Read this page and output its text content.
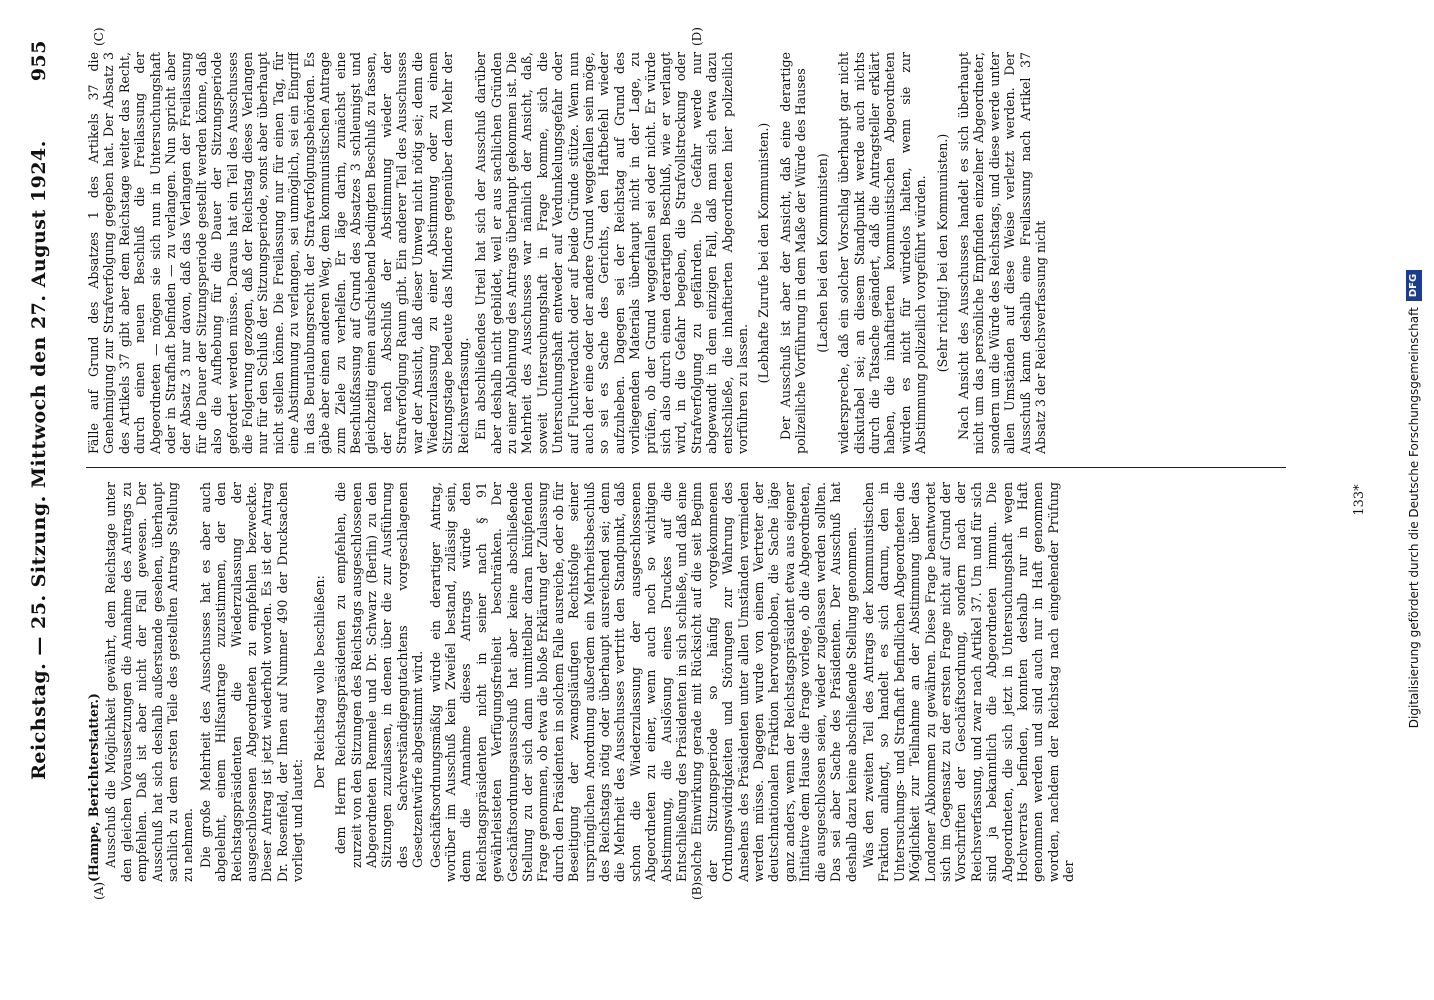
Reichstag. — 25. Sitzung. Mittwoch den 27. August 1924.
955
(A)	(B)
(C)	(D)

(Hampe, Berichterstatter.) Ausschuß die Möglichkeit gewährt, dem Reichstage unter den gleichen Voraussetzungen die Annahme des Antrags zu empfehlen. Daß ist aber nicht der Fall gewesen. Der Ausschuß hat sich deshalb außerstande gesehen, überhaupt sachlich zu dem ersten Teile des gestellten Antrags Stellung zu nehmen. Die große Mehrheit des Ausschusses hat es aber auch abgelehnt, einem Hilfsantrage zuzustimmen, der den Reichstagspräsidenten die Wiederzulassung der ausgeschlossenen Abgeordneten zu empfehlen bezweckte. Dieser Antrag ist jetzt wiederholt worden. Es ist der Antrag Dr. Rosenfeld, der Ihnen auf Nummer 490 der Drucksachen vorliegt und lautet:

Der Reichstag wolle beschließen: dem Herrn Reichstagspräsidenten zu empfehlen, die zurzeit von den Sitzungen des Reichstags ausgeschlossenen Abgeordneten Remmele und Dr. Schwarz (Berlin) zu den Sitzungen zuzulassen, in denen über die zur Ausführung des Sachverständigengutachtens vorgeschlagenen Gesetzentwürfe abgestimmt wird. Geschäftsordnungsmäßig würde ein derartiger Antrag, worüber im Ausschuß kein Zweifel bestand, zulässig sein, denn die Annahme dieses Antrags würde den Reichstagspräsidenten nicht in seiner nach § 91 gewährleisteten Verfügungsfreiheit beschränken. Der Geschäftsordnungsausschuß hat aber keine abschließende Stellung zu der sich dann unmittelbar daran knüpfenden Frage genommen, ob etwa die bloße Erklärung der Zulassung durch den Präsidenten in solchem Falle ausreiche, oder ob für Beseitigung der zwangsläufigen Rechtsfolge seiner ursprünglichen Anordnung außerdem ein Mehrheitsbeschluß des Reichstags nötig oder überhaupt ausreichend sei; denn die Mehrheit des Ausschusses vertritt den Standpunkt, daß schon die Wiederzulassung der ausgeschlossenen Abgeordneten zu einer, wenn auch noch so wichtigen Abstimmung, die Auslösung eines Druckes auf die Entschließung des Präsidenten in sich schließe, und daß eine solche Einwirkung gerade mit Rücksicht auf die seit Beginn der Sitzungsperiode so häufig vorgekommenen Ordnungswidrigkeiten und Störungen zur Wahrung des Ansehens des Präsidenten unter allen Umständen vermieden werden müsse. Dagegen wurde von einem Vertreter der deutschnationalen Fraktion hervorgehoben, die Sache läge ganz anders, wenn der Reichstagspräsident etwa aus eigener Initiative dem Hause die Frage vorlege, ob die Abgeordneten, die ausgeschlossen seien, wieder zugelassen werden sollten. Das sei aber Sache des Präsidenten. Der Ausschuß hat deshalb dazu keine abschließende Stellung genommen. Was den zweiten Teil des Antrags der kommunistischen Fraktion anlangt, so handelt es sich darum, den in Untersuchungs- und Strafhaft befindlichen Abgeordneten die Möglichkeit zur Teilnahme an der Abstimmung über das Londoner Abkommen zu gewähren. Diese Frage beantwortet sich im Gegensatz zu der ersten Frage nicht auf Grund der Vorschriften der Geschäftsordnung, sondern nach der Reichsverfassung, und zwar nach Artikel 37. Um und für sich sind ja bekanntlich die Abgeordneten immun. Die Abgeordneten, die sich jetzt in Untersuchungshaft wegen Hochverrats befinden, konnten deshalb nur in Haft genommen werden und sind auch nur in Haft genommen worden, nachdem der Reichstag nach eingehender Prüfung der

Fälle auf Grund des Absatzes 1 des Artikels 37 die Genehmigung zur Strafverfolgung gegeben hat. Der Absatz 3 des Artikels 37 gibt aber dem Reichstage weiter das Recht, durch einen neuen Beschluß die Freilassung der Abgeordneten — mögen sie sich nun in Untersuchungshaft oder in Strafhaft befinden — zu verlangen. Nun spricht aber der Absatz 3 nur davon, daß das Verlangen der Freilassung für die Dauer der Sitzungsperiode gestellt werden könne, daß also die Aufhebung für die Dauer der Sitzungsperiode gefordert werden müsse. Daraus hat ein Teil des Ausschusses die Folgerung gezogen, daß der Reichstag dieses Verlangen nur für den Schluß der Sitzungsperiode, sonst aber überhaupt nicht stellen könne. Die Freilassung nur für einen Tag, für eine Abstimmung zu verlangen, sei unmöglich, sei ein Eingriff in das Beurlaubungsrecht der Strafverfolgungsbehörden. Es gäbe aber einen anderen Weg, dem kommunistischen Antrage zum Ziele zu verhelfen. Er läge darin, zunächst eine Beschlußfassung auf Grund des Absatzes 3 schleunigst und gleichzeitig einen aufschiebend bedingten Beschluß zu fassen, der nach Abschluß der Abstimmung wieder der Strafverfolgung Raum gibt. Ein anderer Teil des Ausschusses war der Ansicht, daß dieser Umweg nicht nötig sei; denn die Wiederzulassung zu einer Abstimmung oder zu einem Sitzungstage bedeute das Mindere gegenüber dem Mehr der Reichsverfassung. Ein abschließendes Urteil hat sich der Ausschuß darüber aber deshalb nicht gebildet, weil er aus sachlichen Gründen zu einer Ablehnung des Antrags überhaupt gekommen ist. Die Mehrheit des Ausschusses war nämlich der Ansicht, daß, soweit Untersuchungshaft in Frage komme, sich die Untersuchungshaft entweder auf Verdunkelungsgefahr oder auf Fluchtverdacht oder auf beide Gründe stütze. Wenn nun auch der eine oder der andere Grund weggefallen sein möge, so sei es Sache des Gerichts, den Haftbefehl wieder aufzuheben. Dagegen sei der Reichstag auf Grund des vorliegenden Materials überhaupt nicht in der Lage, zu prüfen, ob der Grund weggefallen sei oder nicht. Er würde sich also durch einen derartigen Beschluß, wie er verlangt wird, in die Gefahr begeben, die Strafvollstreckung oder Strafverfolgung zu gefährden. Die Gefahr werde nur abgewandt in dem einzigen Fall, daß man sich etwa dazu entschließe, die inhaftierten Abgeordneten hier polizeilich vorführen zu lassen.

(Lebhafte Zurufe bei den Kommunisten.) Der Ausschuß ist aber der Ansicht, daß eine derartige polizeiliche Vorführung in dem Maße der Würde des Hauses (Lachen bei den Kommunisten) widerspreche, daß ein solcher Vorschlag überhaupt gar nicht diskutabel sei; an diesem Standpunkt werde auch nichts durch die Tatsache geändert, daß die Antragsteller erklärt haben, die inhaftierten kommunistischen Abgeordneten würden es nicht für würdelos halten, wenn sie zur Abstimmung polizeilich vorgeführt würden. (Sehr richtig! bei den Kommunisten.) Nach Ansicht des Ausschusses handelt es sich überhaupt nicht um das persönliche Empfinden einzelner Abgeordneter, sondern um die Würde des Reichstags, und diese werde unter allen Umständen auf diese Weise verletzt werden. Der Ausschuß kann deshalb eine Freilassung nach Artikel 37 Absatz 3 der Reichsverfassung nicht

133*	Digitalisierung gefördert durch die Deutsche Forschungsgemeinschaft
DFG
